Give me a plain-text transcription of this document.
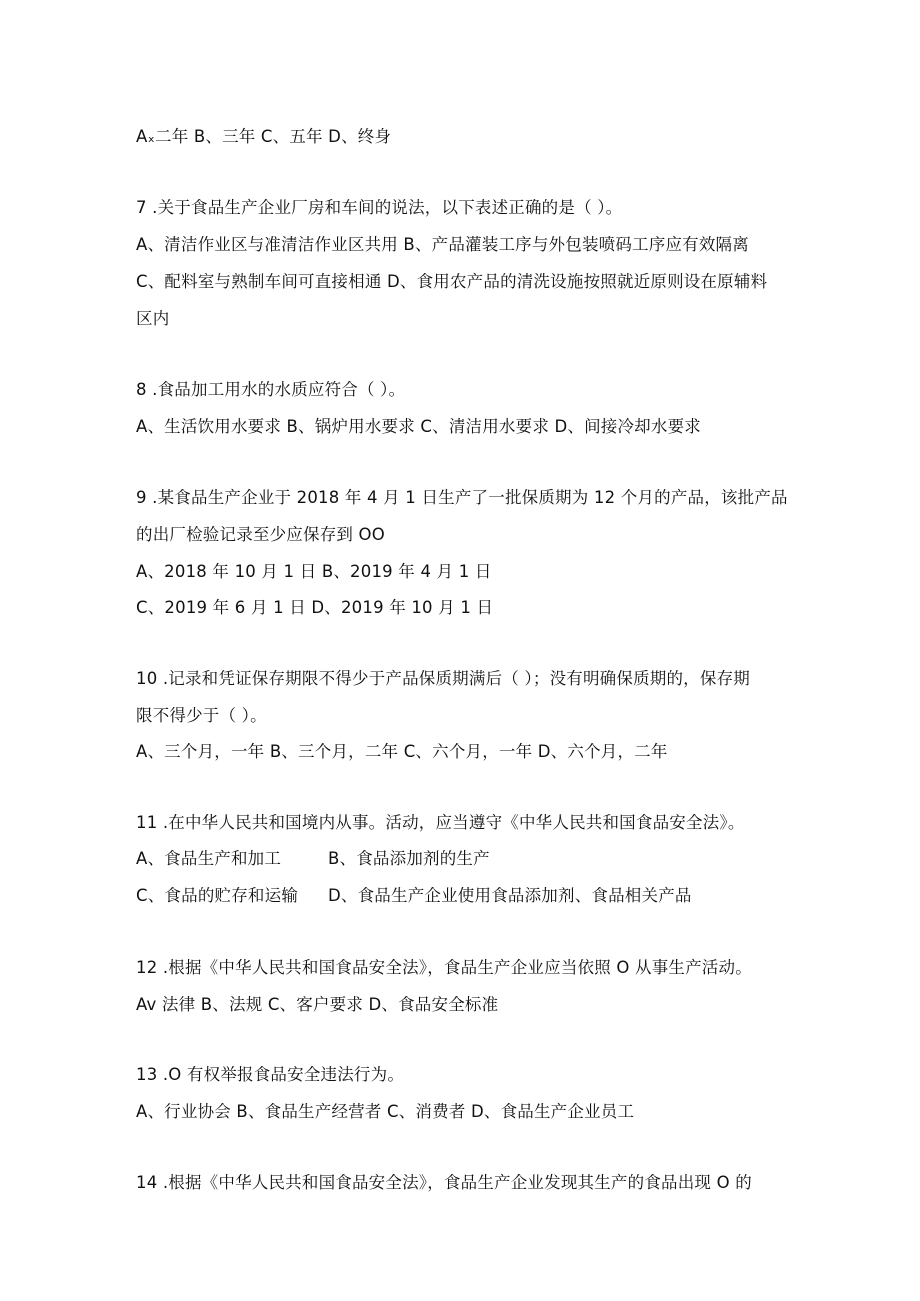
Aₓ二年 B、三年 C、五年 D、终身
7 .关于食品生产企业厂房和车间的说法，以下表述正确的是（ ）。
A、清洁作业区与准清洁作业区共用 B、产品灌装工序与外包装喷码工序应有效隔离
C、配料室与熟制车间可直接相通 D、食用农产品的清洗设施按照就近原则设在原辅料
区内
8 .食品加工用水的水质应符合（ ）。
A、生活饮用水要求 B、锅炉用水要求 C、清洁用水要求 D、间接冷却水要求
9 .某食品生产企业于 2018 年 4 月 1 日生产了一批保质期为 12 个月的产品，该批产品
的出厂检验记录至少应保存到 OO
A、2018 年 10 月 1 日 B、2019 年 4 月 1 日
C、2019 年 6 月 1 日 D、2019 年 10 月 1 日
10 .记录和凭证保存期限不得少于产品保质期满后（ ）；没有明确保质期的，保存期
限不得少于（ ）。
A、三个月，一年 B、三个月，二年 C、六个月，一年 D、六个月，二年
11 .在中华人民共和国境内从事。活动，应当遵守《中华人民共和国食品安全法》。
A、食品生产和加工	B、食品添加剂的生产
C、食品的贮存和运输 D、食品生产企业使用食品添加剂、食品相关产品
12 .根据《中华人民共和国食品安全法》，食品生产企业应当依照 O 从事生产活动。
Av 法律 B、法规 C、客户要求 D、食品安全标准
13 .O 有权举报食品安全违法行为。
A、行业协会 B、食品生产经营者 C、消费者 D、食品生产企业员工
14 .根据《中华人民共和国食品安全法》，食品生产企业发现其生产的食品出现 O 的
